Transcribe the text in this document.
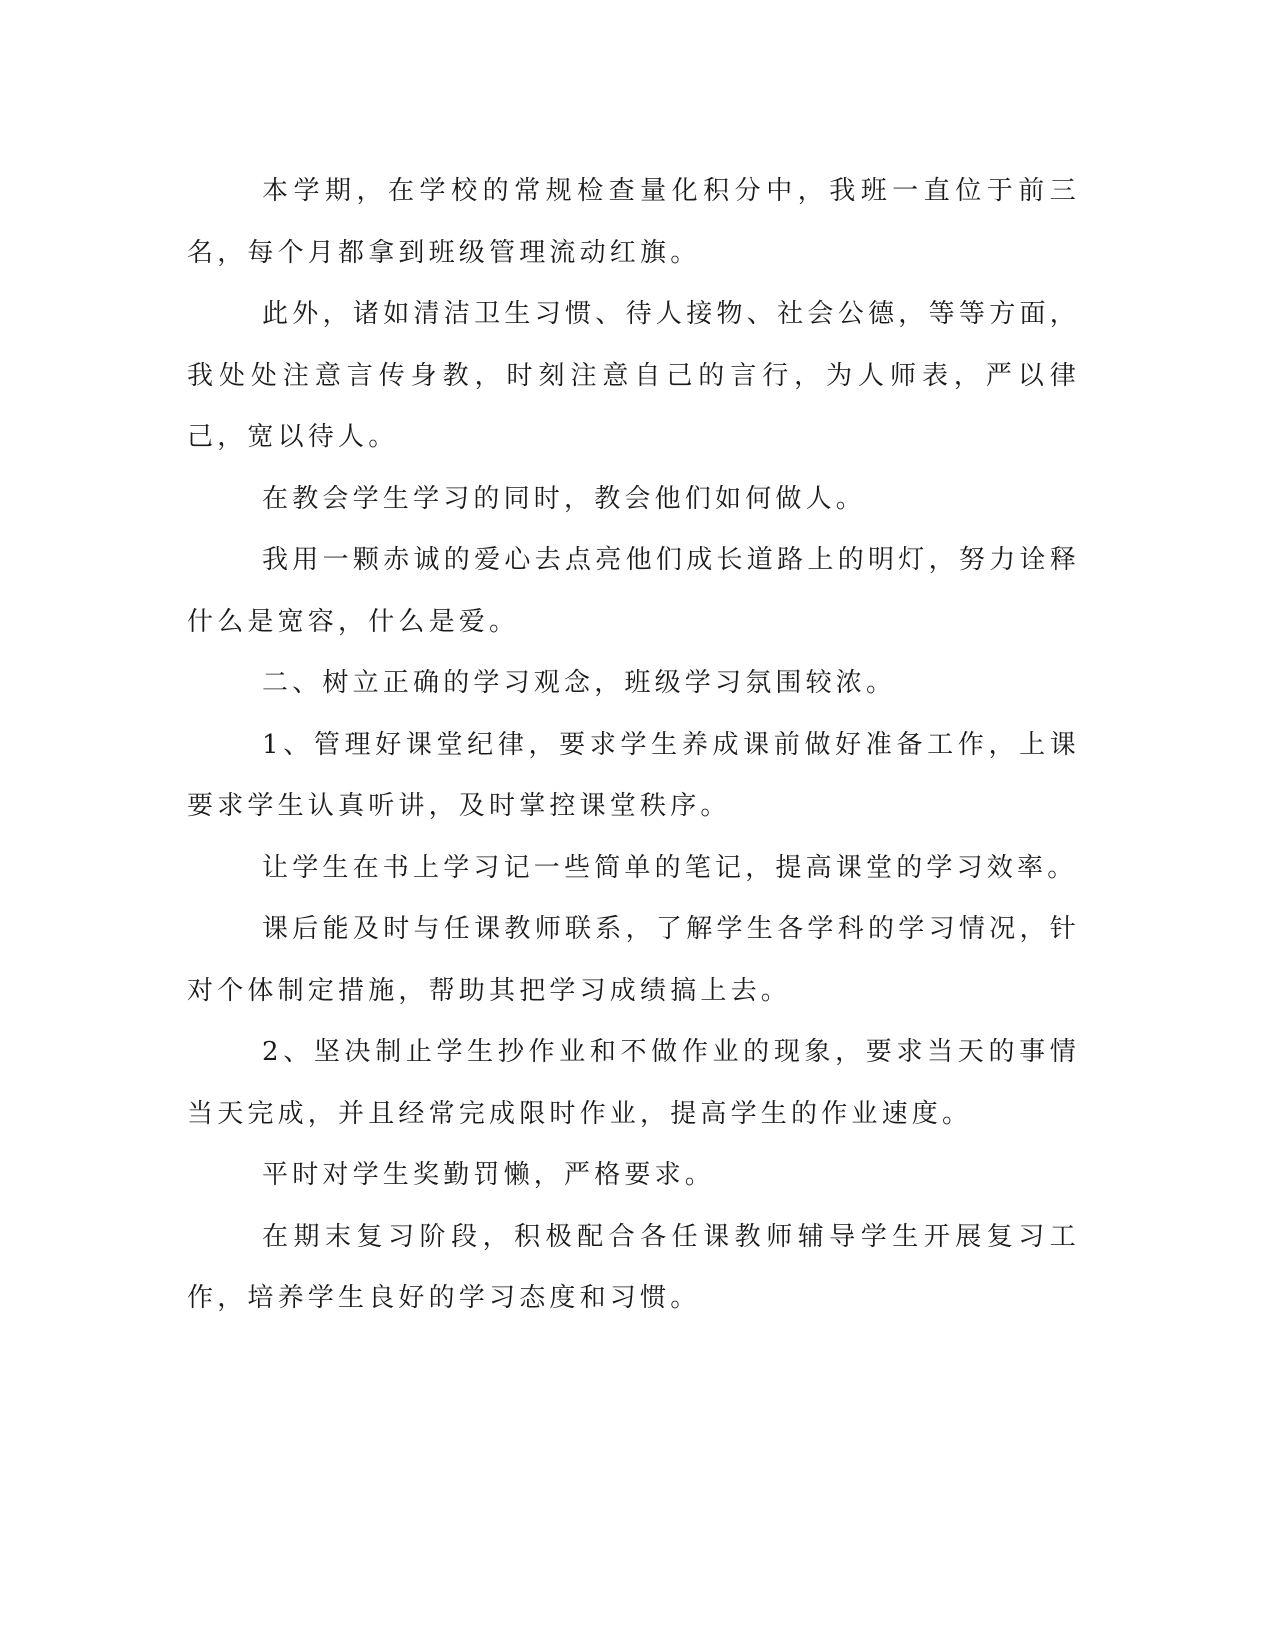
本学期，在学校的常规检查量化积分中，我班一直位于前三名，每个月都拿到班级管理流动红旗。

此外，诸如清洁卫生习惯、待人接物、社会公德，等等方面，我处处注意言传身教，时刻注意自己的言行，为人师表，严以律己，宽以待人。

在教会学生学习的同时，教会他们如何做人。

我用一颗赤诚的爱心去点亮他们成长道路上的明灯，努力诠释什么是宽容，什么是爱。

二、树立正确的学习观念，班级学习氛围较浓。

1、管理好课堂纪律，要求学生养成课前做好准备工作，上课要求学生认真听讲，及时掌控课堂秩序。

让学生在书上学习记一些简单的笔记，提高课堂的学习效率。

课后能及时与任课教师联系，了解学生各学科的学习情况，针对个体制定措施，帮助其把学习成绩搞上去。

2、坚决制止学生抄作业和不做作业的现象，要求当天的事情当天完成，并且经常完成限时作业，提高学生的作业速度。

平时对学生奖勤罚懒，严格要求。

在期末复习阶段，积极配合各任课教师辅导学生开展复习工作，培养学生良好的学习态度和习惯。
